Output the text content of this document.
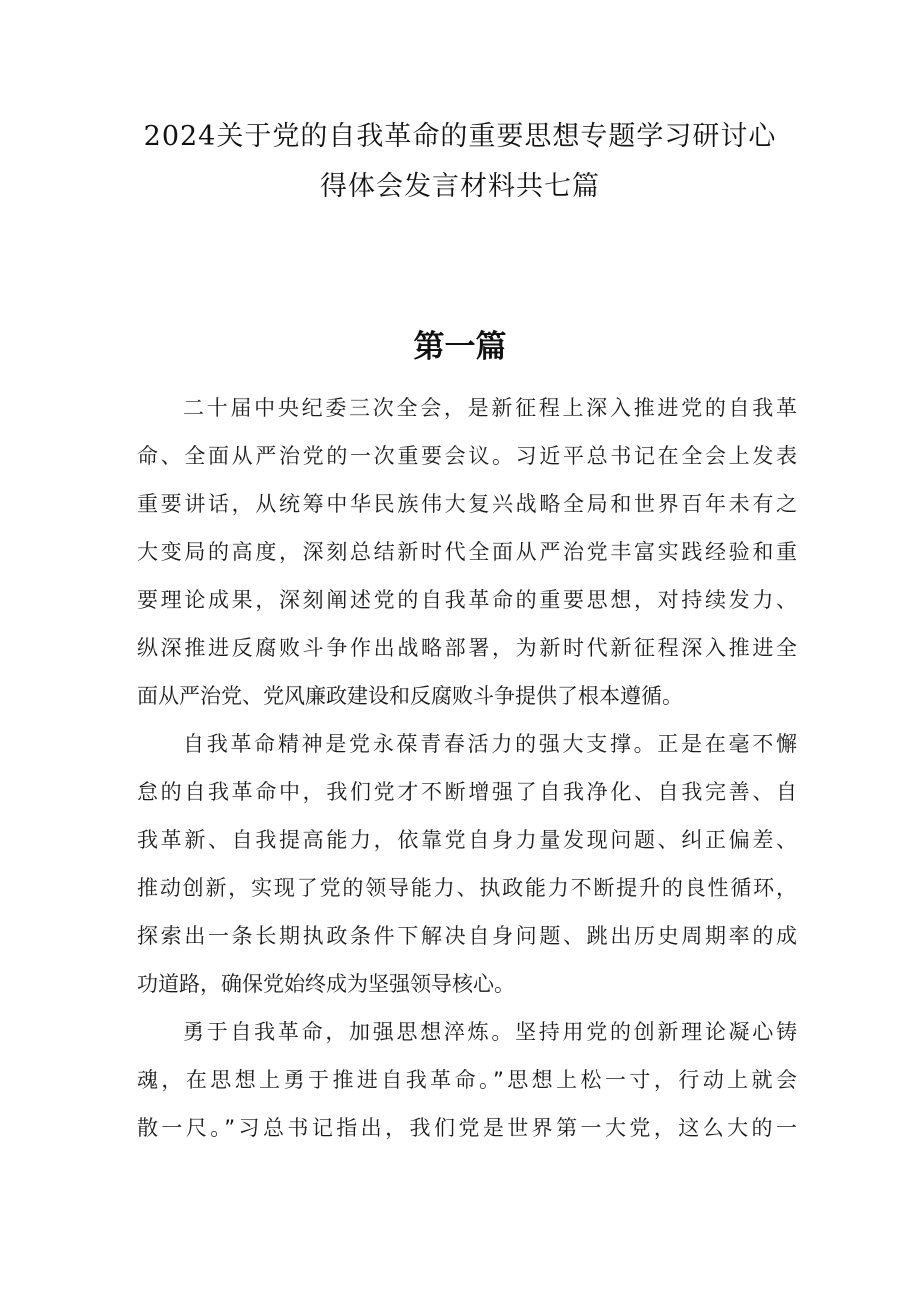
2024关于党的自我革命的重要思想专题学习研讨心
得体会发言材料共七篇
第一篇
二十届中央纪委三次全会，是新征程上深入推进党的自我革
命、全面从严治党的一次重要会议。习近平总书记在全会上发表
重要讲话，从统筹中华民族伟大复兴战略全局和世界百年未有之
大变局的高度，深刻总结新时代全面从严治党丰富实践经验和重
要理论成果，深刻阐述党的自我革命的重要思想，对持续发力、
纵深推进反腐败斗争作出战略部署，为新时代新征程深入推进全
面从严治党、党风廉政建设和反腐败斗争提供了根本遵循。
自我革命精神是党永葆青春活力的强大支撑。正是在毫不懈
怠的自我革命中，我们党才不断增强了自我净化、自我完善、自
我革新、自我提高能力，依靠党自身力量发现问题、纠正偏差、
推动创新，实现了党的领导能力、执政能力不断提升的良性循环，
探索出一条长期执政条件下解决自身问题、跳出历史周期率的成
功道路，确保党始终成为坚强领导核心。
勇于自我革命，加强思想淬炼。坚持用党的创新理论凝心铸
魂，在思想上勇于推进自我革命。”思想上松一寸，行动上就会
散一尺。”习总书记指出，我们党是世界第一大党，这么大的一
